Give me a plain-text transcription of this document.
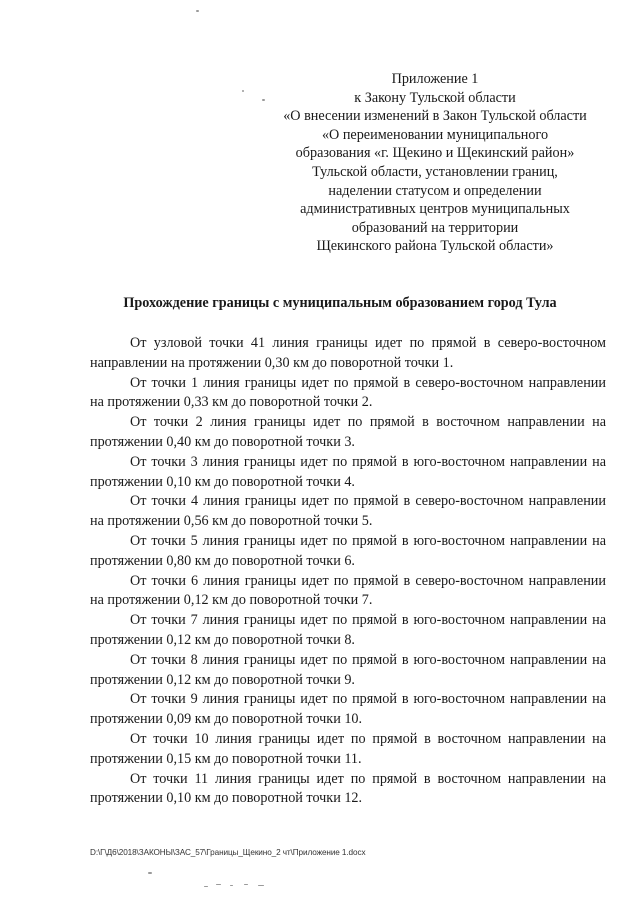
Приложение 1
к Закону Тульской области
«О внесении изменений в Закон Тульской области
«О переименовании муниципального
образования «г. Щекино и Щекинский район»
Тульской области, установлении границ,
наделении статусом и определении
административных центров муниципальных
образований на территории
Щекинского района Тульской области»
Прохождение границы с муниципальным образованием город Тула

От узловой точки 41 линия границы идет по прямой в северо-восточном направлении на протяжении 0,30 км до поворотной точки 1.

От точки 1 линия границы идет по прямой в северо-восточном направлении на протяжении 0,33 км до поворотной точки 2.

От точки 2 линия границы идет по прямой в восточном направлении на протяжении 0,40 км до поворотной точки 3.

От точки 3 линия границы идет по прямой в юго-восточном направлении на протяжении 0,10 км до поворотной точки 4.

От точки 4 линия границы идет по прямой в северо-восточном направлении на протяжении 0,56 км до поворотной точки 5.

От точки 5 линия границы идет по прямой в юго-восточном направлении на протяжении 0,80 км до поворотной точки 6.

От точки 6 линия границы идет по прямой в северо-восточном направлении на протяжении 0,12 км до поворотной точки 7.

От точки 7 линия границы идет по прямой в юго-восточном направлении на протяжении 0,12 км до поворотной точки 8.

От точки 8 линия границы идет по прямой в юго-восточном направлении на протяжении 0,12 км до поворотной точки 9.

От точки 9 линия границы идет по прямой в юго-восточном направлении на протяжении 0,09 км до поворотной точки 10.

От точки 10 линия границы идет по прямой в восточном направлении на протяжении 0,15 км до поворотной точки 11.

От точки 11 линия границы идет по прямой в восточном направлении на протяжении 0,10 км до поворотной точки 12.

D:\Г\Д6\2018\ЗАКОНЫ\ЗАС_57\Границы_Щекино_2 чт\Приложение 1.docx
